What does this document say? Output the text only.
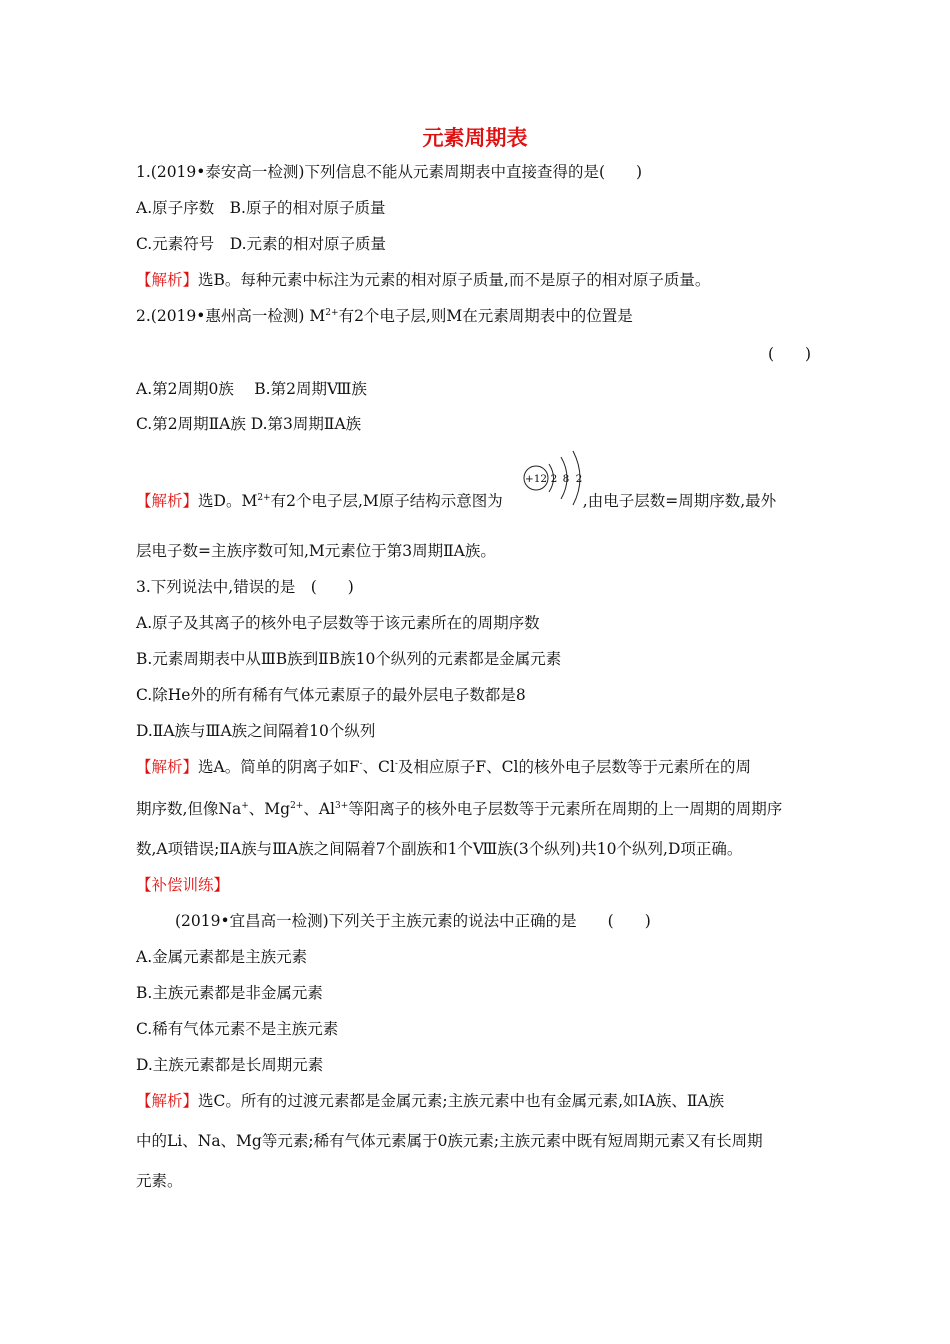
元素周期表
1.(2019•泰安高一检测)下列信息不能从元素周期表中直接查得的是(　　)
A.原子序数　B.原子的相对原子质量
C.元素符号　D.元素的相对原子质量
【解析】选B。每种元素中标注为元素的相对原子质量,而不是原子的相对原子质量。
2.(2019•惠州高一检测) $M^{2+}$有2个电子层,则M在元素周期表中的位置是
(　　)
A.第2周期0族　 B.第2周期Ⅷ族
C.第2周期ⅡA族 D.第3周期ⅡA族
【解析】选D。$M^{2+}$有2个电子层,M原子结构示意图为	,由电子层数=周期序数,最外
+12 2 8 2
层电子数=主族序数可知,M元素位于第3周期ⅡA族。
3.下列说法中,错误的是　(　　)
A.原子及其离子的核外电子层数等于该元素所在的周期序数
B.元素周期表中从ⅢB族到ⅡB族10个纵列的元素都是金属元素
C.除He外的所有稀有气体元素原子的最外层电子数都是8
D.ⅡA族与ⅢA族之间隔着10个纵列
【解析】选A。简单的阴离子如F-、Cl-及相应原子F、Cl的核外电子层数等于元素所在的周
期序数,但像Na+、$Mg^{2+}$、$Al^{3+}$等阳离子的核外电子层数等于元素所在周期的上一周期的周期序
数,A项错误;ⅡA族与ⅢA族之间隔着7个副族和1个Ⅷ族(3个纵列)共10个纵列,D项正确。
【补偿训练】
(2019•宜昌高一检测)下列关于主族元素的说法中正确的是　　(　　)
A.金属元素都是主族元素
B.主族元素都是非金属元素
C.稀有气体元素不是主族元素
D.主族元素都是长周期元素
【解析】选C。所有的过渡元素都是金属元素;主族元素中也有金属元素,如ⅠA族、ⅡA族
中的Li、Na、Mg等元素;稀有气体元素属于0族元素;主族元素中既有短周期元素又有长周期
元素。
